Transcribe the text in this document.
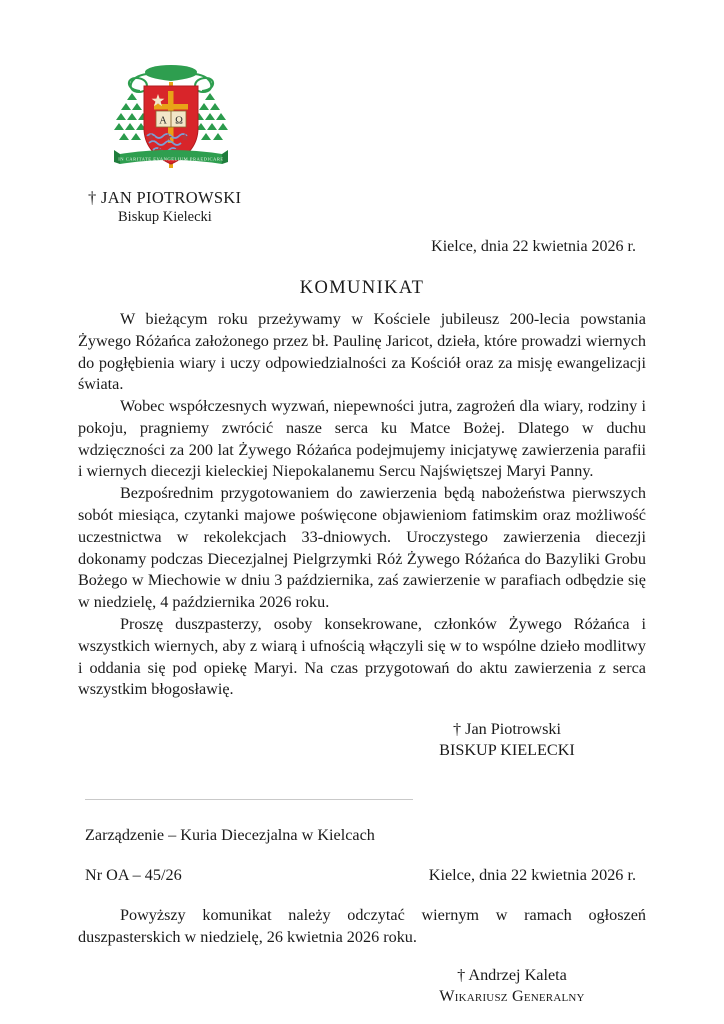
A Ω
IN CARITATE EVANGELIUM PRAEDICARE
† JAN PIOTROWSKI
Biskup Kielecki
Kielce, dnia 22 kwietnia 2026 r.
KOMUNIKAT

W bieżącym roku przeżywamy w Kościele jubileusz 200-lecia powstania Żywego Różańca założonego przez bł. Paulinę Jaricot, dzieła, które prowadzi wiernych do pogłębienia wiary i uczy odpowiedzialności za Kościół oraz za misję ewangelizacji świata.

Wobec współczesnych wyzwań, niepewności jutra, zagrożeń dla wiary, rodziny i pokoju, pragniemy zwrócić nasze serca ku Matce Bożej. Dlatego w duchu wdzięczności za 200 lat Żywego Różańca podejmujemy inicjatywę zawierzenia parafii i wiernych diecezji kieleckiej Niepokalanemu Sercu Najświętszej Maryi Panny.

Bezpośrednim przygotowaniem do zawierzenia będą nabożeństwa pierwszych sobót miesiąca, czytanki majowe poświęcone objawieniom fatimskim oraz możliwość uczestnictwa w rekolekcjach 33-dniowych. Uroczystego zawierzenia diecezji dokonamy podczas Diecezjalnej Pielgrzymki Róż Żywego Różańca do Bazyliki Grobu Bożego w Miechowie w dniu 3 października, zaś zawierzenie w parafiach odbędzie się w niedzielę, 4 października 2026 roku.

Proszę duszpasterzy, osoby konsekrowane, członków Żywego Różańca i wszystkich wiernych, aby z wiarą i ufnością włączyli się w to wspólne dzieło modlitwy i oddania się pod opiekę Maryi. Na czas przygotowań do aktu zawierzenia z serca wszystkim błogosławię.

† Jan Piotrowski
BISKUP KIELECKI
Zarządzenie – Kuria Diecezjalna w Kielcach
Nr OA – 45/26	Kielce, dnia 22 kwietnia 2026 r.

Powyższy komunikat należy odczytać wiernym w ramach ogłoszeń duszpasterskich w niedzielę, 26 kwietnia 2026 roku.

† Andrzej Kaleta
Wikariusz Generalny
